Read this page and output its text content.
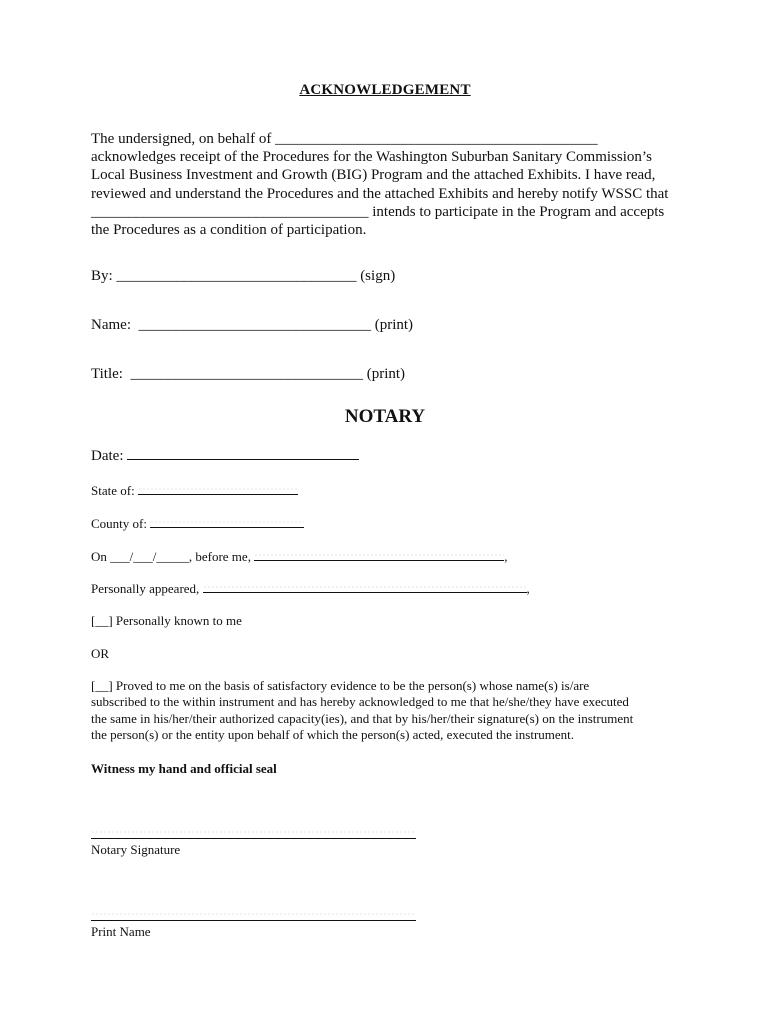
ACKNOWLEDGEMENT
The undersigned, on behalf of ___________________________________________
acknowledges receipt of the Procedures for the Washington Suburban Sanitary Commission’s
Local Business Investment and Growth (BIG) Program and the attached Exhibits. I have read,
reviewed and understand the Procedures and the attached Exhibits and hereby notify WSSC that
_____________________________________ intends to participate in the Program and accepts
the Procedures as a condition of participation.
By: ________________________________ (sign)
Name: _______________________________ (print)
Title: _______________________________ (print)
NOTARY
Date:
State of:
County of:
On ___/___/_____, before me,	,
Personally appeared,	,
[__] Personally known to me
OR
[__] Proved to me on the basis of satisfactory evidence to be the person(s) whose name(s) is/are
subscribed to the within instrument and has hereby acknowledged to me that he/she/they have executed
the same in his/her/their authorized capacity(ies), and that by his/her/their signature(s) on the instrument
the person(s) or the entity upon behalf of which the person(s) acted, executed the instrument.
Witness my hand and official seal
Notary Signature
Print Name
